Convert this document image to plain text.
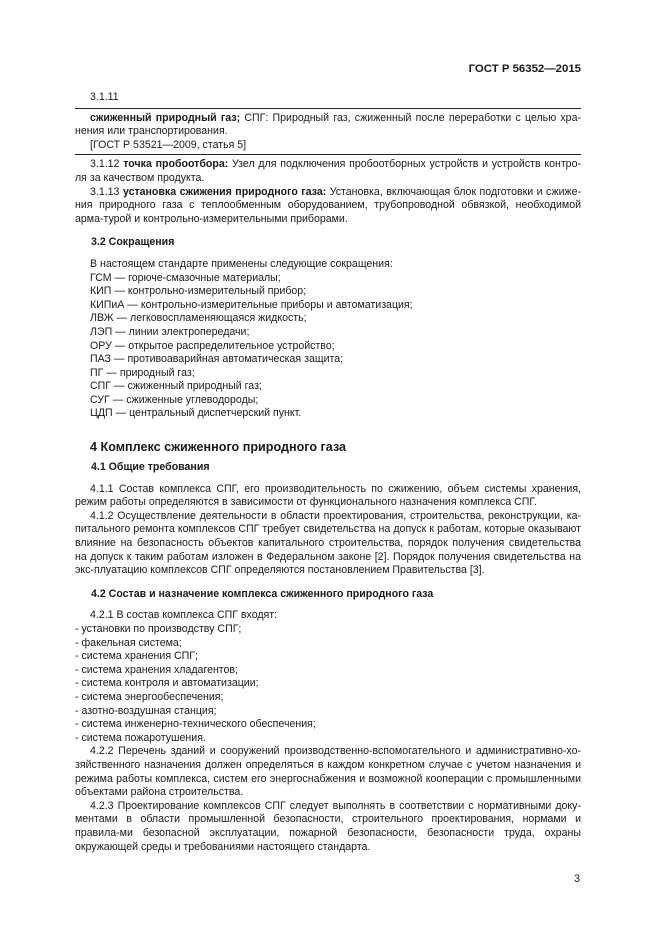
ГОСТ Р 56352—2015

3.1.11

сжиженный природный газ; СПГ: Природный газ, сжиженный после переработки с целью хра-нения или транспортирования.

[ГОСТ Р 53521—2009, статья 5]

3.1.12 точка пробоотбора: Узел для подключения пробоотборных устройств и устройств контро-ля за качеством продукта.

3.1.13 установка сжижения природного газа: Установка, включающая блок подготовки и сжиже-ния природного газа с теплообменным оборудованием, трубопроводной обвязкой, необходимой арма-турой и контрольно-измерительными приборами.

3.2 Сокращения

В настоящем стандарте применены следующие сокращения:

ГСМ — горюче-смазочные материалы;

КИП — контрольно-измерительный прибор;

КИПиА — контрольно-измерительные приборы и автоматизация;

ЛВЖ — легковоспламеняющаяся жидкость;

ЛЭП — линии электропередачи;

ОРУ — открытое распределительное устройство;

ПАЗ — противоаварийная автоматическая защита;

ПГ — природный газ;

СПГ — сжиженный природный газ;

СУГ — сжиженные углеводороды;

ЦДП — центральный диспетчерский пункт.

4 Комплекс сжиженного природного газа

4.1 Общие требования

4.1.1 Состав комплекса СПГ, его производительность по сжижению, объем системы хранения, режим работы определяются в зависимости от функционального назначения комплекса СПГ.

4.1.2 Осуществление деятельности в области проектирования, строительства, реконструкции, ка-питального ремонта комплексов СПГ требует свидетельства на допуск к работам, которые оказывают влияние на безопасность объектов капитального строительства, порядок получения свидетельства на допуск к таким работам изложен в Федеральном законе [2]. Порядок получения свидетельства на экс-плуатацию комплексов СПГ определяются постановлением Правительства [3].

4.2 Состав и назначение комплекса сжиженного природного газа

4.2.1 В состав комплекса СПГ входят:

- установки по производству СПГ;

- факельная система;

- система хранения СПГ;

- система хранения хладагентов;

- система контроля и автоматизации;

- система энергообеспечения;

- азотно-воздушная станция;

- система инженерно-технического обеспечения;

- система пожаротушения.

4.2.2 Перечень зданий и сооружений производственно-вспомогательного и административно-хо-зяйственного назначения должен определяться в каждом конкретном случае с учетом назначения и режима работы комплекса, систем его энергоснабжения и возможной кооперации с промышленными объектами района строительства.

4.2.3 Проектирование комплексов СПГ следует выполнять в соответствии с нормативными доку-ментами в области промышленной безопасности, строительного проектирования, нормами и правила-ми безопасной эксплуатации, пожарной безопасности, безопасности труда, охраны окружающей среды и требованиями настоящего стандарта.

3
